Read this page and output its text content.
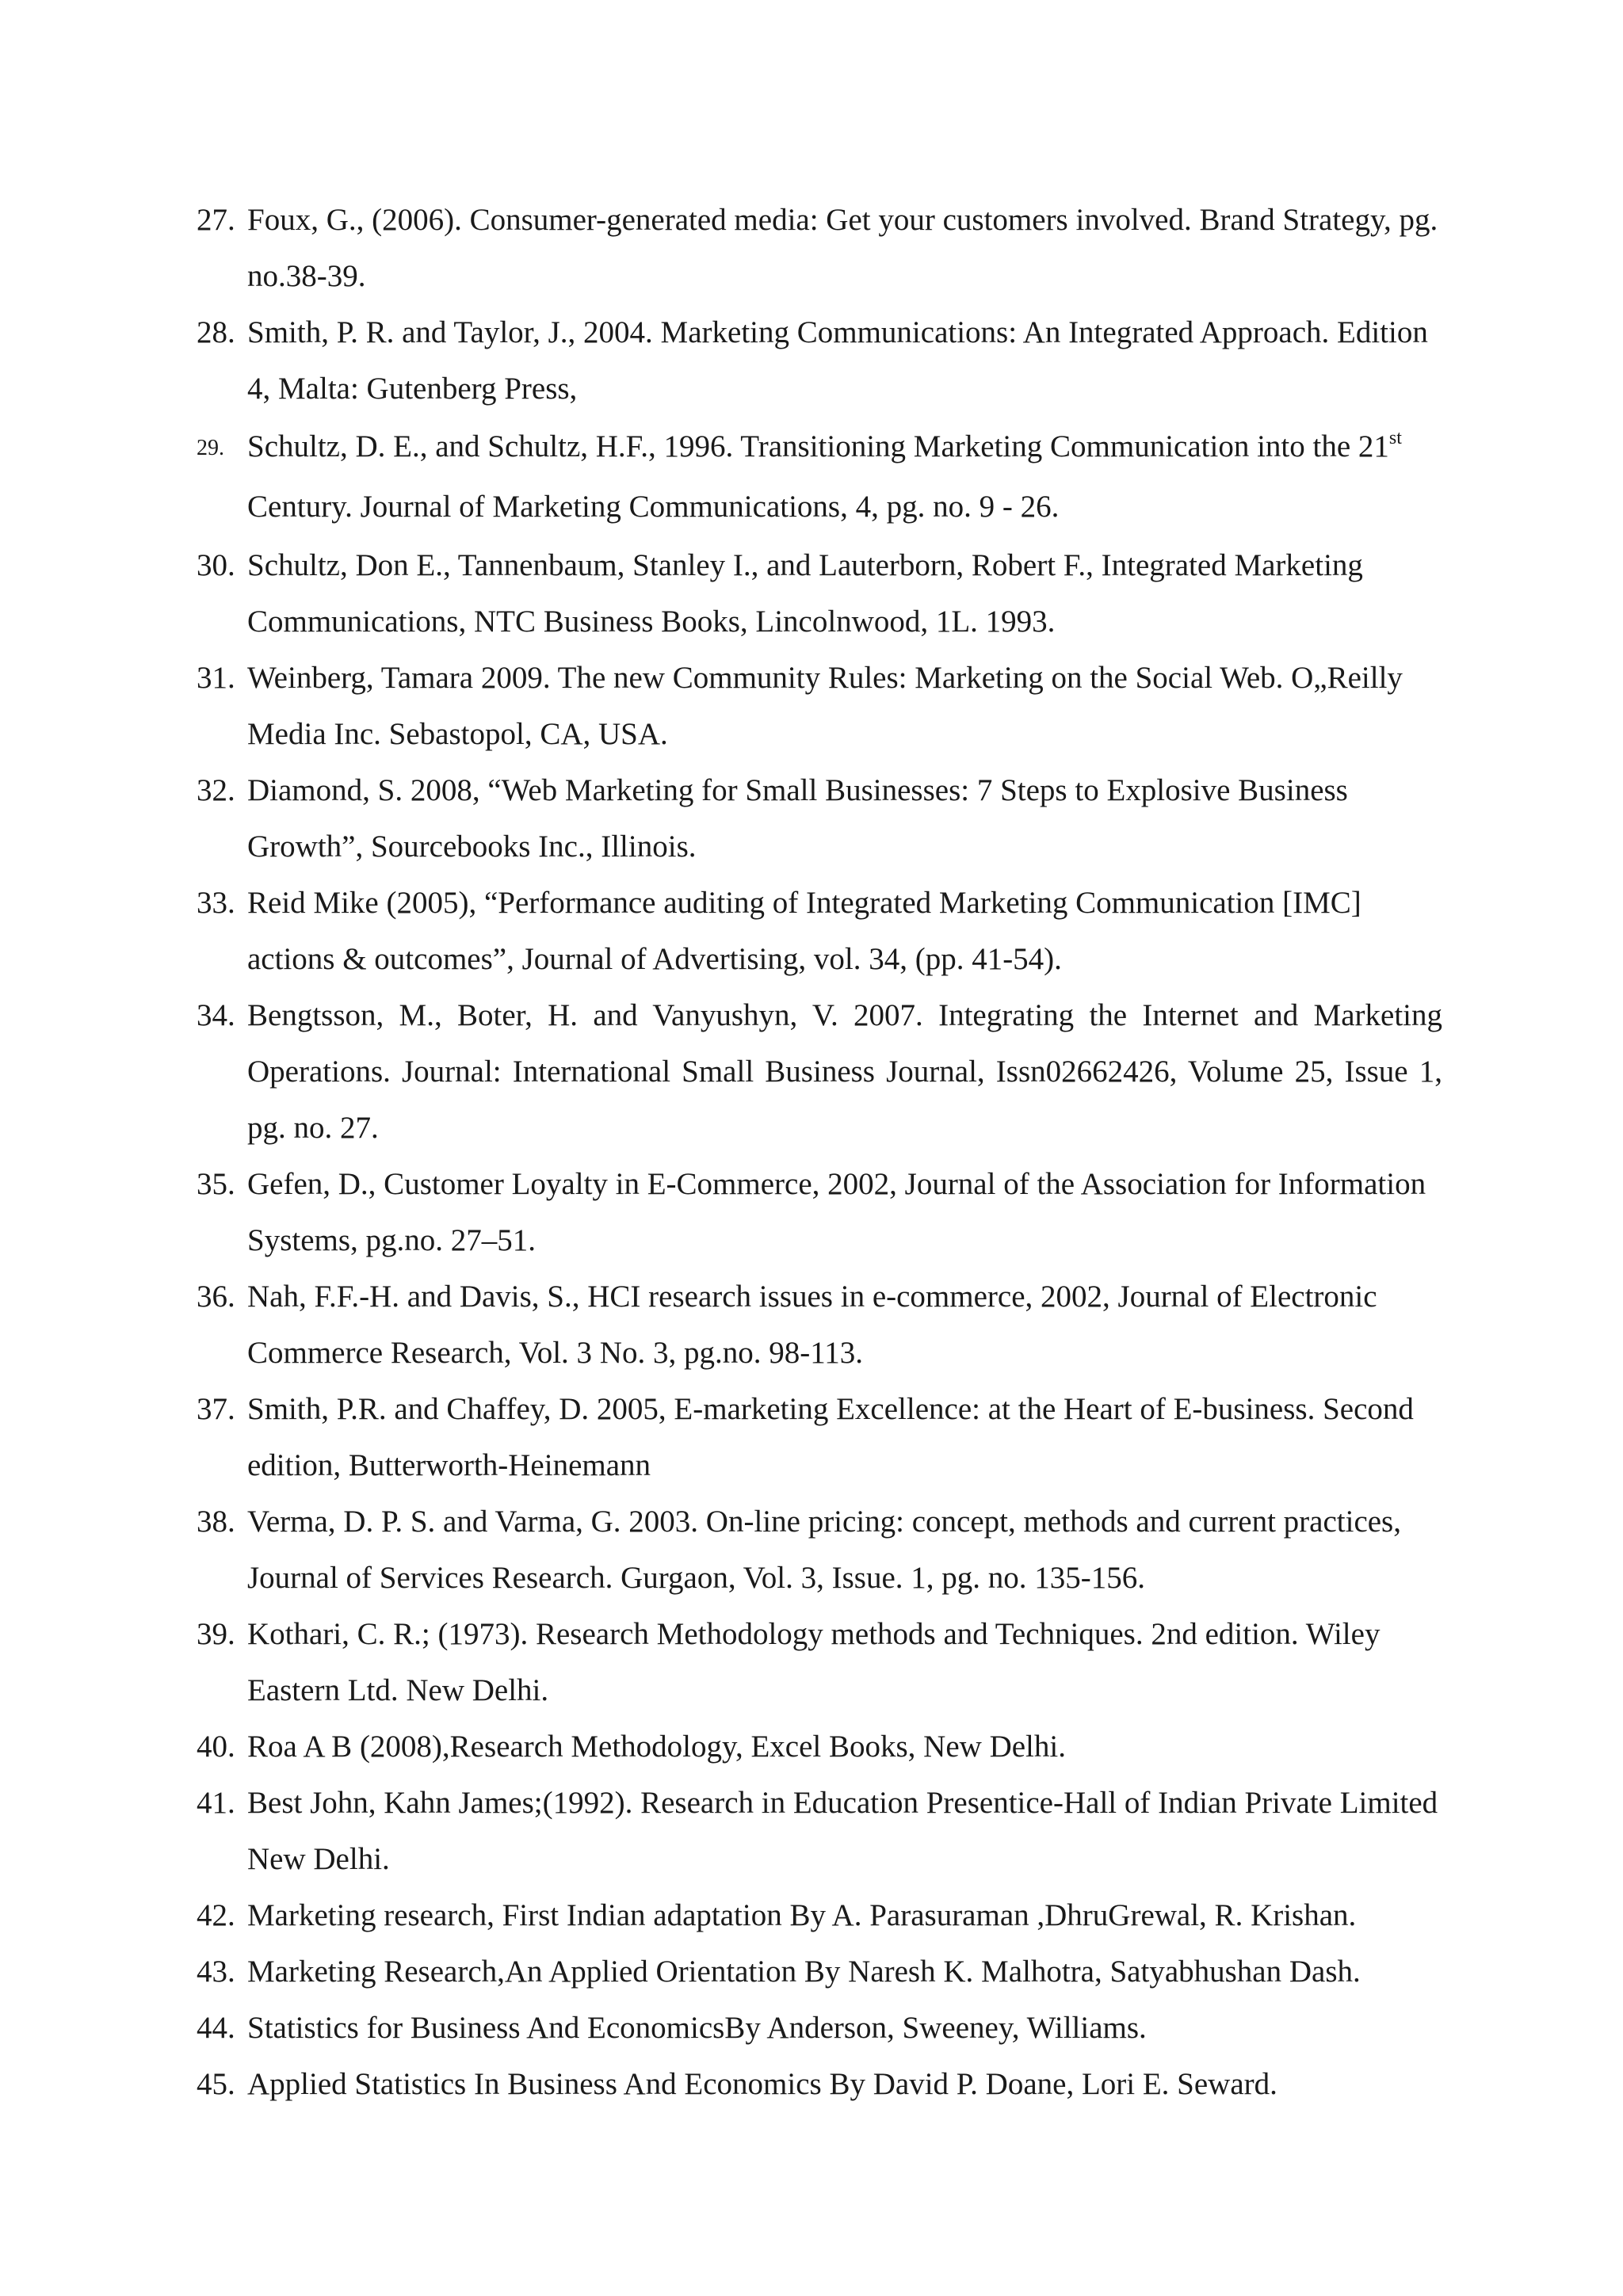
27. Foux, G., (2006). Consumer-generated media: Get your customers involved. Brand Strategy, pg. no.38-39.
28. Smith, P. R. and Taylor, J., 2004. Marketing Communications: An Integrated Approach. Edition 4, Malta: Gutenberg Press,
29. Schultz, D. E., and Schultz, H.F., 1996. Transitioning Marketing Communication into the 21st Century. Journal of Marketing Communications, 4, pg. no. 9 - 26.
30. Schultz, Don E., Tannenbaum, Stanley I., and Lauterborn, Robert F., Integrated Marketing Communications, NTC Business Books, Lincolnwood, 1L. 1993.
31. Weinberg, Tamara 2009. The new Community Rules: Marketing on the Social Web. O„Reilly Media Inc. Sebastopol, CA, USA.
32. Diamond, S. 2008, “Web Marketing for Small Businesses: 7 Steps to Explosive Business Growth”, Sourcebooks Inc., Illinois.
33. Reid Mike (2005), “Performance auditing of Integrated Marketing Communication [IMC] actions & outcomes”, Journal of Advertising, vol. 34, (pp. 41-54).
34. Bengtsson, M., Boter, H. and Vanyushyn, V. 2007. Integrating the Internet and Marketing Operations. Journal: International Small Business Journal, Issn02662426, Volume 25, Issue 1, pg. no. 27.
35. Gefen, D., Customer Loyalty in E-Commerce, 2002, Journal of the Association for Information Systems, pg.no. 27–51.
36. Nah, F.F.-H. and Davis, S., HCI research issues in e-commerce, 2002, Journal of Electronic Commerce Research, Vol. 3 No. 3, pg.no. 98-113.
37. Smith, P.R. and Chaffey, D. 2005, E-marketing Excellence: at the Heart of E-business. Second edition, Butterworth-Heinemann
38. Verma, D. P. S. and Varma, G. 2003. On-line pricing: concept, methods and current practices, Journal of Services Research. Gurgaon, Vol. 3, Issue. 1, pg. no. 135-156.
39. Kothari, C. R.; (1973). Research Methodology methods and Techniques. 2nd edition. Wiley Eastern Ltd. New Delhi.
40. Roa A B (2008),Research Methodology, Excel Books, New Delhi.
41. Best John, Kahn James;(1992). Research in Education Presentice-Hall of Indian Private Limited New Delhi.
42. Marketing research, First Indian adaptation By A. Parasuraman ,DhruGrewal, R. Krishan.
43. Marketing Research,An Applied Orientation By Naresh K. Malhotra, Satyabhushan Dash.
44. Statistics for Business And EconomicsBy Anderson, Sweeney, Williams.
45. Applied Statistics In Business And Economics By David P. Doane, Lori E. Seward.
